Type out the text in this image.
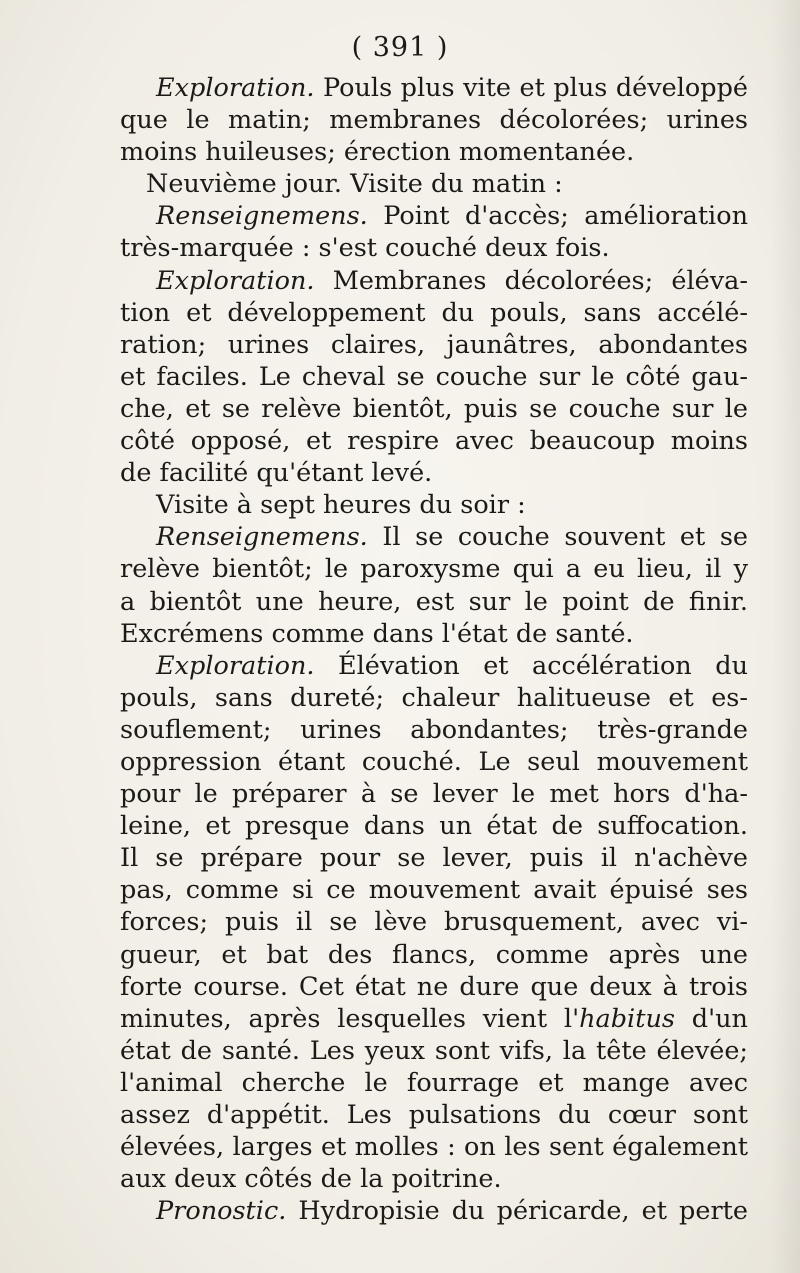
( 391 )
Exploration. Pouls plus vite et plus développé
que le matin; membranes décolorées; urines
moins huileuses; érection momentanée.
Neuvième jour. Visite du matin :
Renseignemens. Point d'accès; amélioration
très-marquée : s'est couché deux fois.
Exploration. Membranes décolorées; éléva-
tion et développement du pouls, sans accélé-
ration; urines claires, jaunâtres, abondantes
et faciles. Le cheval se couche sur le côté gau-
che, et se relève bientôt, puis se couche sur le
côté opposé, et respire avec beaucoup moins
de facilité qu'étant levé.
Visite à sept heures du soir :
Renseignemens. Il se couche souvent et se
relève bientôt; le paroxysme qui a eu lieu, il y
a bientôt une heure, est sur le point de finir.
Excrémens comme dans l'état de santé.
Exploration. Élévation et accélération du
pouls, sans dureté; chaleur halitueuse et es-
souflement; urines abondantes; très-grande
oppression étant couché. Le seul mouvement
pour le préparer à se lever le met hors d'ha-
leine, et presque dans un état de suffocation.
Il se prépare pour se lever, puis il n'achève
pas, comme si ce mouvement avait épuisé ses
forces; puis il se lève brusquement, avec vi-
gueur, et bat des flancs, comme après une
forte course. Cet état ne dure que deux à trois
minutes, après lesquelles vient l'habitus d'un
état de santé. Les yeux sont vifs, la tête élevée;
l'animal cherche le fourrage et mange avec
assez d'appétit. Les pulsations du cœur sont
élevées, larges et molles : on les sent également
aux deux côtés de la poitrine.
Pronostic. Hydropisie du péricarde, et perte
